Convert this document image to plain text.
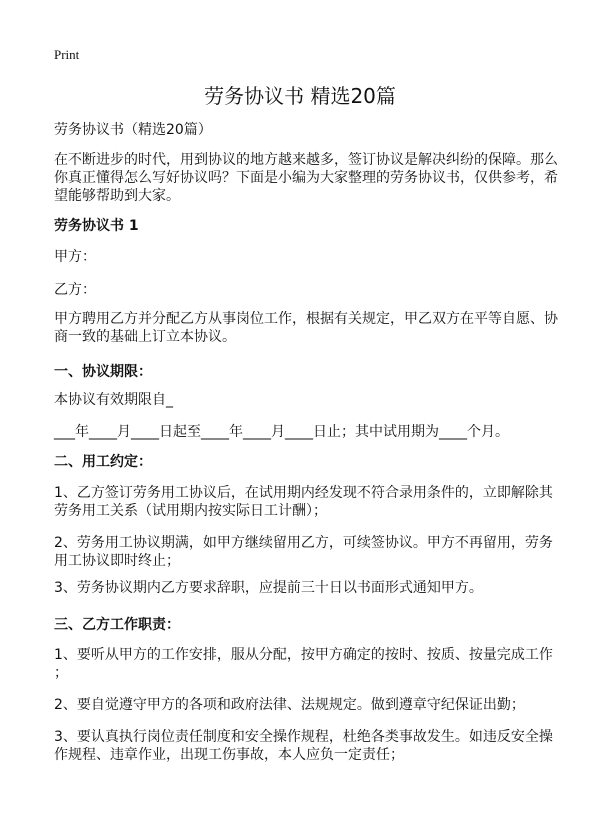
Print
劳务协议书 精选20篇
劳务协议书（精选20篇）
在不断进步的时代，用到协议的地方越来越多，签订协议是解决纠纷的保障。那么
你真正懂得怎么写好协议吗？下面是小编为大家整理的劳务协议书，仅供参考，希
望能够帮助到大家。
劳务协议书 1
甲方：
乙方：
甲方聘用乙方并分配乙方从事岗位工作，根据有关规定，甲乙双方在平等自愿、协
商一致的基础上订立本协议。
一、协议期限：
本协议有效期限自_
___年____月____日起至____年____月____日止；其中试用期为____个月。
二、用工约定：
1、乙方签订劳务用工协议后，在试用期内经发现不符合录用条件的，立即解除其
劳务用工关系（试用期内按实际日工计酬）；
2、劳务用工协议期满，如甲方继续留用乙方，可续签协议。甲方不再留用，劳务
用工协议即时终止；
3、劳务协议期内乙方要求辞职，应提前三十日以书面形式通知甲方。
三、乙方工作职责：
1、要听从甲方的工作安排，服从分配，按甲方确定的按时、按质、按量完成工作
；
2、要自觉遵守甲方的各项和政府法律、法规规定。做到遵章守纪保证出勤；
3、要认真执行岗位责任制度和安全操作规程，杜绝各类事故发生。如违反安全操
作规程、违章作业，出现工伤事故，本人应负一定责任；
